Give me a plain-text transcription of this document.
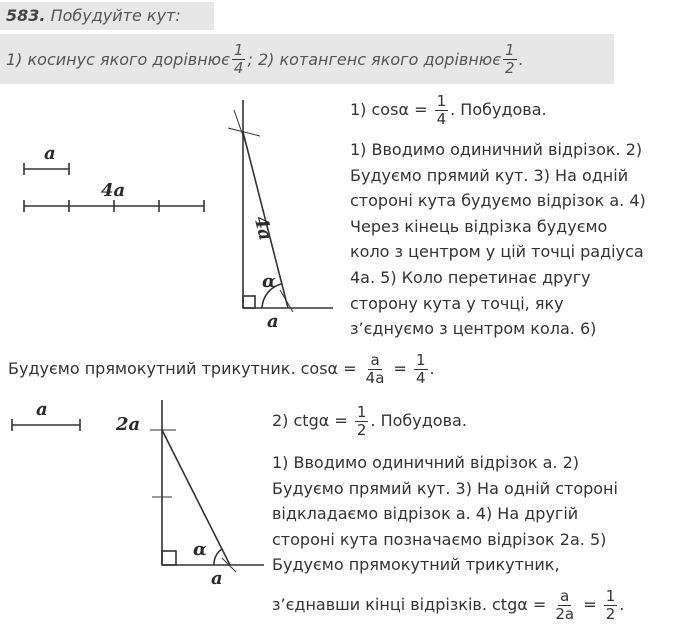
583. Побудуйте кут:
1) косинус якого дорівнює $\frac{1}{4}$ ; 2) котангенс якого дорівнює $\frac{1}{2}$ .
1) $\cos \alpha = \frac{1}{4}$ . Побудова.
1) Вводимо одиничний відрізок. 2)
Будуємо прямий кут. 3) На одній
стороні кута будуємо відрізок a. 4)
Через кінець відрізка будуємо
коло з центром у цій точці радіуса
4a. 5) Коло перетинає другу
сторону кута у точці, яку
з’єднуємо з центром кола. 6)
Будуємо прямокутний трикутник. $\cos \alpha = \frac{a}{4a} = \frac{1}{4}$ .
2) ctg $\alpha = \frac{1}{2}$ . Побудова.
1) Вводимо одиничний відрізок a. 2)
Будуємо прямий кут. 3) На одній стороні
відкладаємо відрізок a. 4) На другій
стороні кута позначаємо відрізок 2a. 5)
Будуємо прямокутний трикутник,
з’єднавши кінці відрізків. ctg $\alpha = \frac{a}{2a} = \frac{1}{2}$ .
a
4a
4a
α
a
a
2a
α
a
